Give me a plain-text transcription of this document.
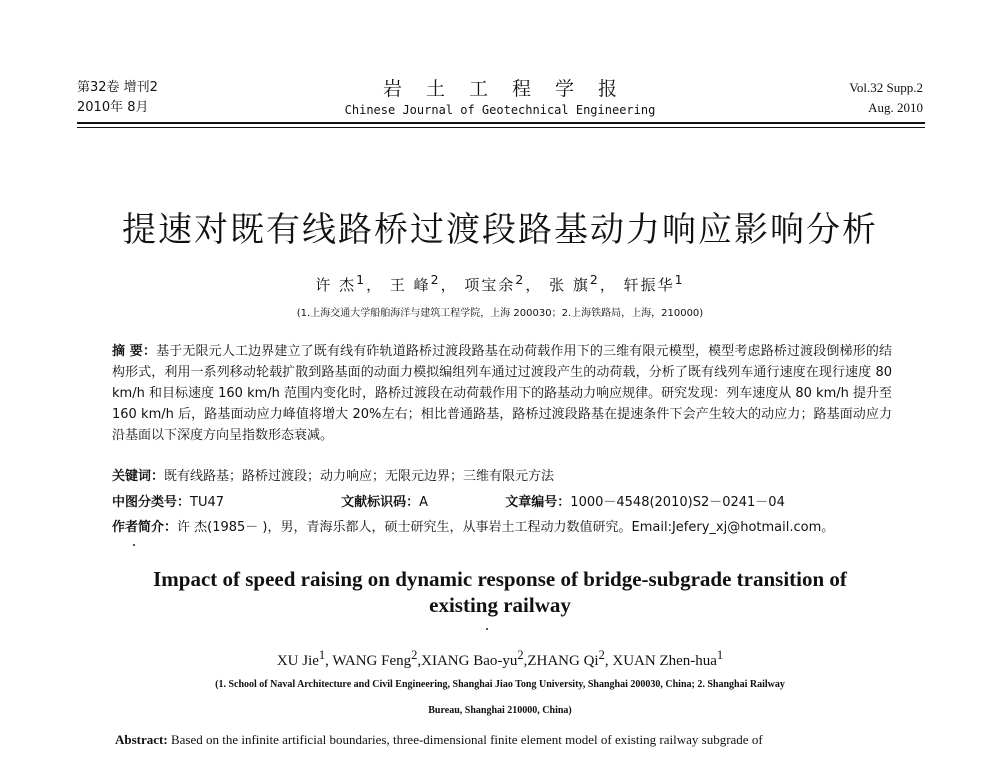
第32卷 增刊2
2010年 8月
岩土工程学报
Chinese Journal of Geotechnical Engineering
Vol.32 Supp.2
Aug. 2010
提速对既有线路桥过渡段路基动力响应影响分析
许 杰$^1$， 王 峰$^2$， 项宝余$^2$， 张 旗$^2$， 轩振华$^1$
(1.上海交通大学船舶海洋与建筑工程学院，上海 200030；2.上海铁路局，上海，210000)
摘 要：基于无限元人工边界建立了既有线有砟轨道路桥过渡段路基在动荷载作用下的三维有限元模型，模型考虑路桥过渡段倒梯形的结构形式，利用一系列移动轮载扩散到路基面的动面力模拟编组列车通过过渡段产生的动荷载，分析了既有线列车通行速度在现行速度 80 km/h 和目标速度 160 km/h 范围内变化时，路桥过渡段在动荷载作用下的路基动力响应规律。研究发现：列车速度从 80 km/h 提升至 160 km/h 后，路基面动应力峰值将增大 20%左右；相比普通路基，路桥过渡段路基在提速条件下会产生较大的动应力；路基面动应力沿基面以下深度方向呈指数形态衰减。
关键词：既有线路基；路桥过渡段；动力响应；无限元边界；三维有限元方法
中图分类号：TU47	文献标识码：A	文章编号：1000－4548(2010)S2－0241－04
作者简介：许 杰(1985－ )，男，青海乐都人，硕士研究生，从事岩土工程动力数值研究。Email:Jefery_xj@hotmail.com。
Impact of speed raising on dynamic response of bridge-subgrade transition of
existing railway
XU Jie$^1$, WANG Feng$^2$,XIANG Bao-$yu^2,ZHANG$ Qi$^2$, XUAN Zhen-hua$^1$
(1. School of Naval Architecture and Civil Engineering, Shanghai Jiao Tong University, Shanghai 200030, China; 2. Shanghai Railway
Bureau, Shanghai 210000, China)
Abstract: Based on the infinite artificial boundaries, three-dimensional finite element model of existing railway subgrade of
